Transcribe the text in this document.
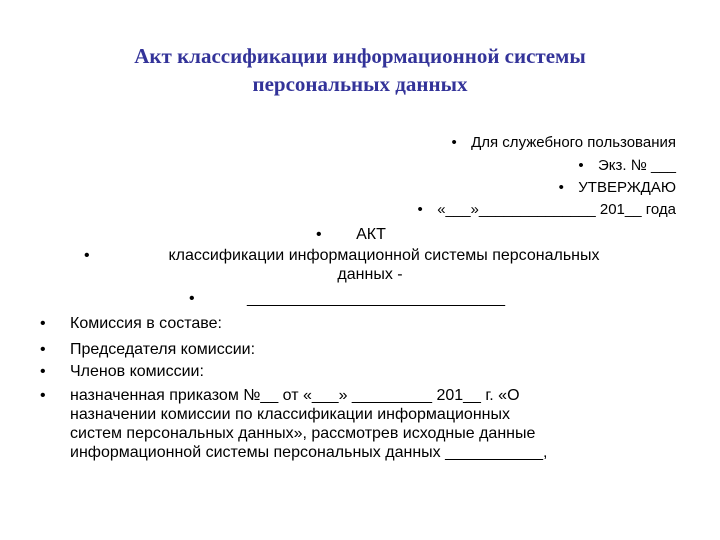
Акт классификации информационной системы
персональных данных
• Для служебного пользования
• Экз. № ___
• УТВЕРЖДАЮ
• «___»______________ 201__ года
• АКТ
•	классификации информационной системы персональных
данных -
•	_____________________________
• Комиссия в составе:
• Председателя комиссии:
• Членов комиссии:
• назначенная приказом №__ от «___» _________ 201__ г. «О
назначении комиссии по классификации информационных
систем персональных данных», рассмотрев исходные данные
информационной системы персональных данных ___________,
